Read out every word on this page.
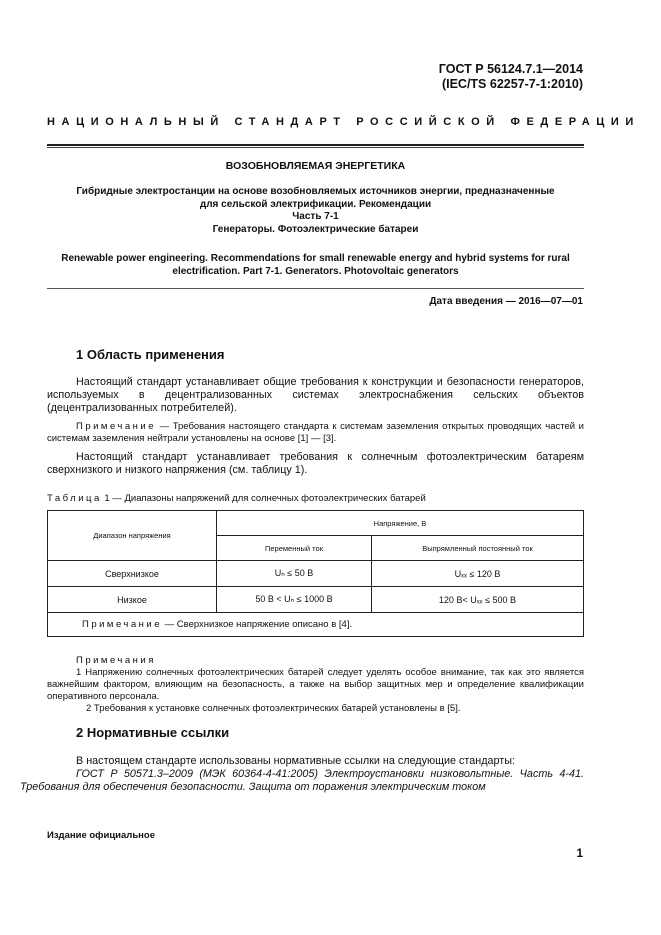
ГОСТ Р 56124.7.1—2014
(IEC/TS 62257-7-1:2010)
НАЦИОНАЛЬНЫЙ СТАНДАРТ РОССИЙСКОЙ ФЕДЕРАЦИИ
ВОЗОБНОВЛЯЕМАЯ ЭНЕРГЕТИКА
Гибридные электростанции на основе возобновляемых источников энергии, предназначенные
для сельской электрификации. Рекомендации
Часть 7-1
Генераторы. Фотоэлектрические батареи
Renewable power engineering. Recommendations for small renewable energy and hybrid systems for rural
electrification. Part 7-1. Generators. Photovoltaic generators
Дата введения — 2016—07—01
1 Область применения
Настоящий стандарт устанавливает общие требования к конструкции и безопасности генераторов, используемых в децентрализованных системах электроснабжения сельских объектов (децентрализованных потребителей).
Примечание — Требования настоящего стандарта к системам заземления открытых проводящих частей и системам заземления нейтрали установлены на основе [1] — [3].
Настоящий стандарт устанавливает требования к солнечным фотоэлектрическим батареям сверхнизкого и низкого напряжения (см. таблицу 1).
Таблица 1 — Диапазоны напряжений для солнечных фотоэлектрических батарей
Диапазон напряжения	Напряжение, В	
	Переменный ток	Выпрямленный постоянный ток
Сверхнизкое	Uₙ ≤ 50 В	Uₓₓ ≤ 120 В
Низкое	50 В < Uₙ ≤ 1000 В	120 В< Uₓₓ ≤ 500 В
Примечание — Сверхнизкое напряжение описано в [4].		
Примечания
1 Напряжению солнечных фотоэлектрических батарей следует уделять особое внимание, так как это является важнейшим фактором, влияющим на безопасность, а также на выбор защитных мер и определение квалификации оперативного персонала.
2 Требования к установке солнечных фотоэлектрических батарей установлены в [5].
2 Нормативные ссылки
В настоящем стандарте использованы нормативные ссылки на следующие стандарты:
ГОСТ Р 50571.3–2009 (МЭК 60364-4-41:2005) Электроустановки низковольтные. Часть 4-41. Требования для обеспечения безопасности. Защита от поражения электрическим током
Издание официальное
1
